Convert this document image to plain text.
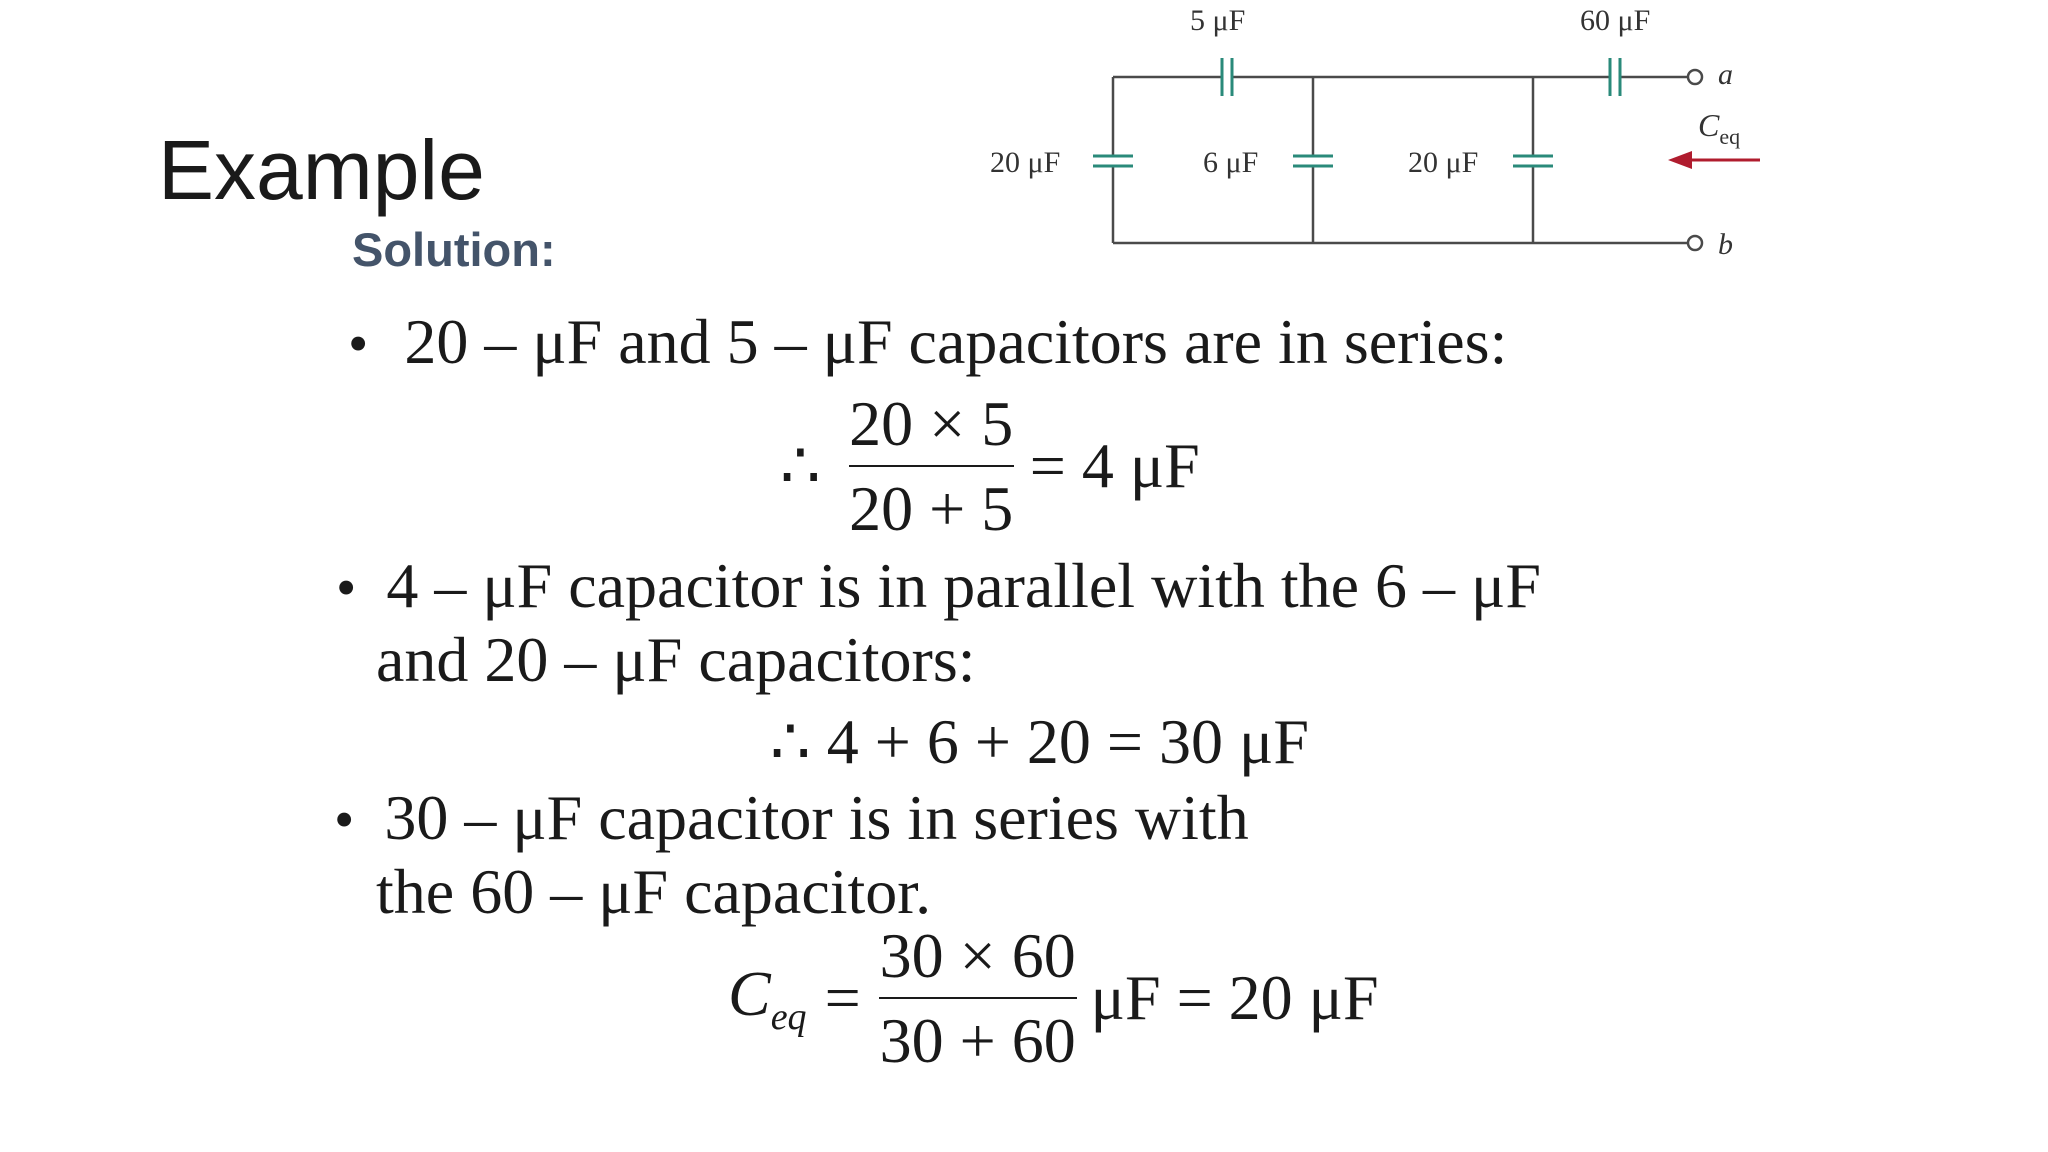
Example
Solution:
5 μF	60 μF
20 μF	6 μF	20 μF
a
b
$C_{eq}$
• 20 – μF and 5 – μF capacitors are in series:
∴ $\frac{20 \times 5}{20 + 5} = 4$ μF
• 4 – μF capacitor is in parallel with the 6 – μF
and 20 – μF capacitors:
∴ 4 + 6 + 20 = 30 μF
• 30 – μF capacitor is in series with
the 60 – μF capacitor.
$C_{eq} = \frac{30 \times 60}{30 + 60}$ μF = 20 μF
